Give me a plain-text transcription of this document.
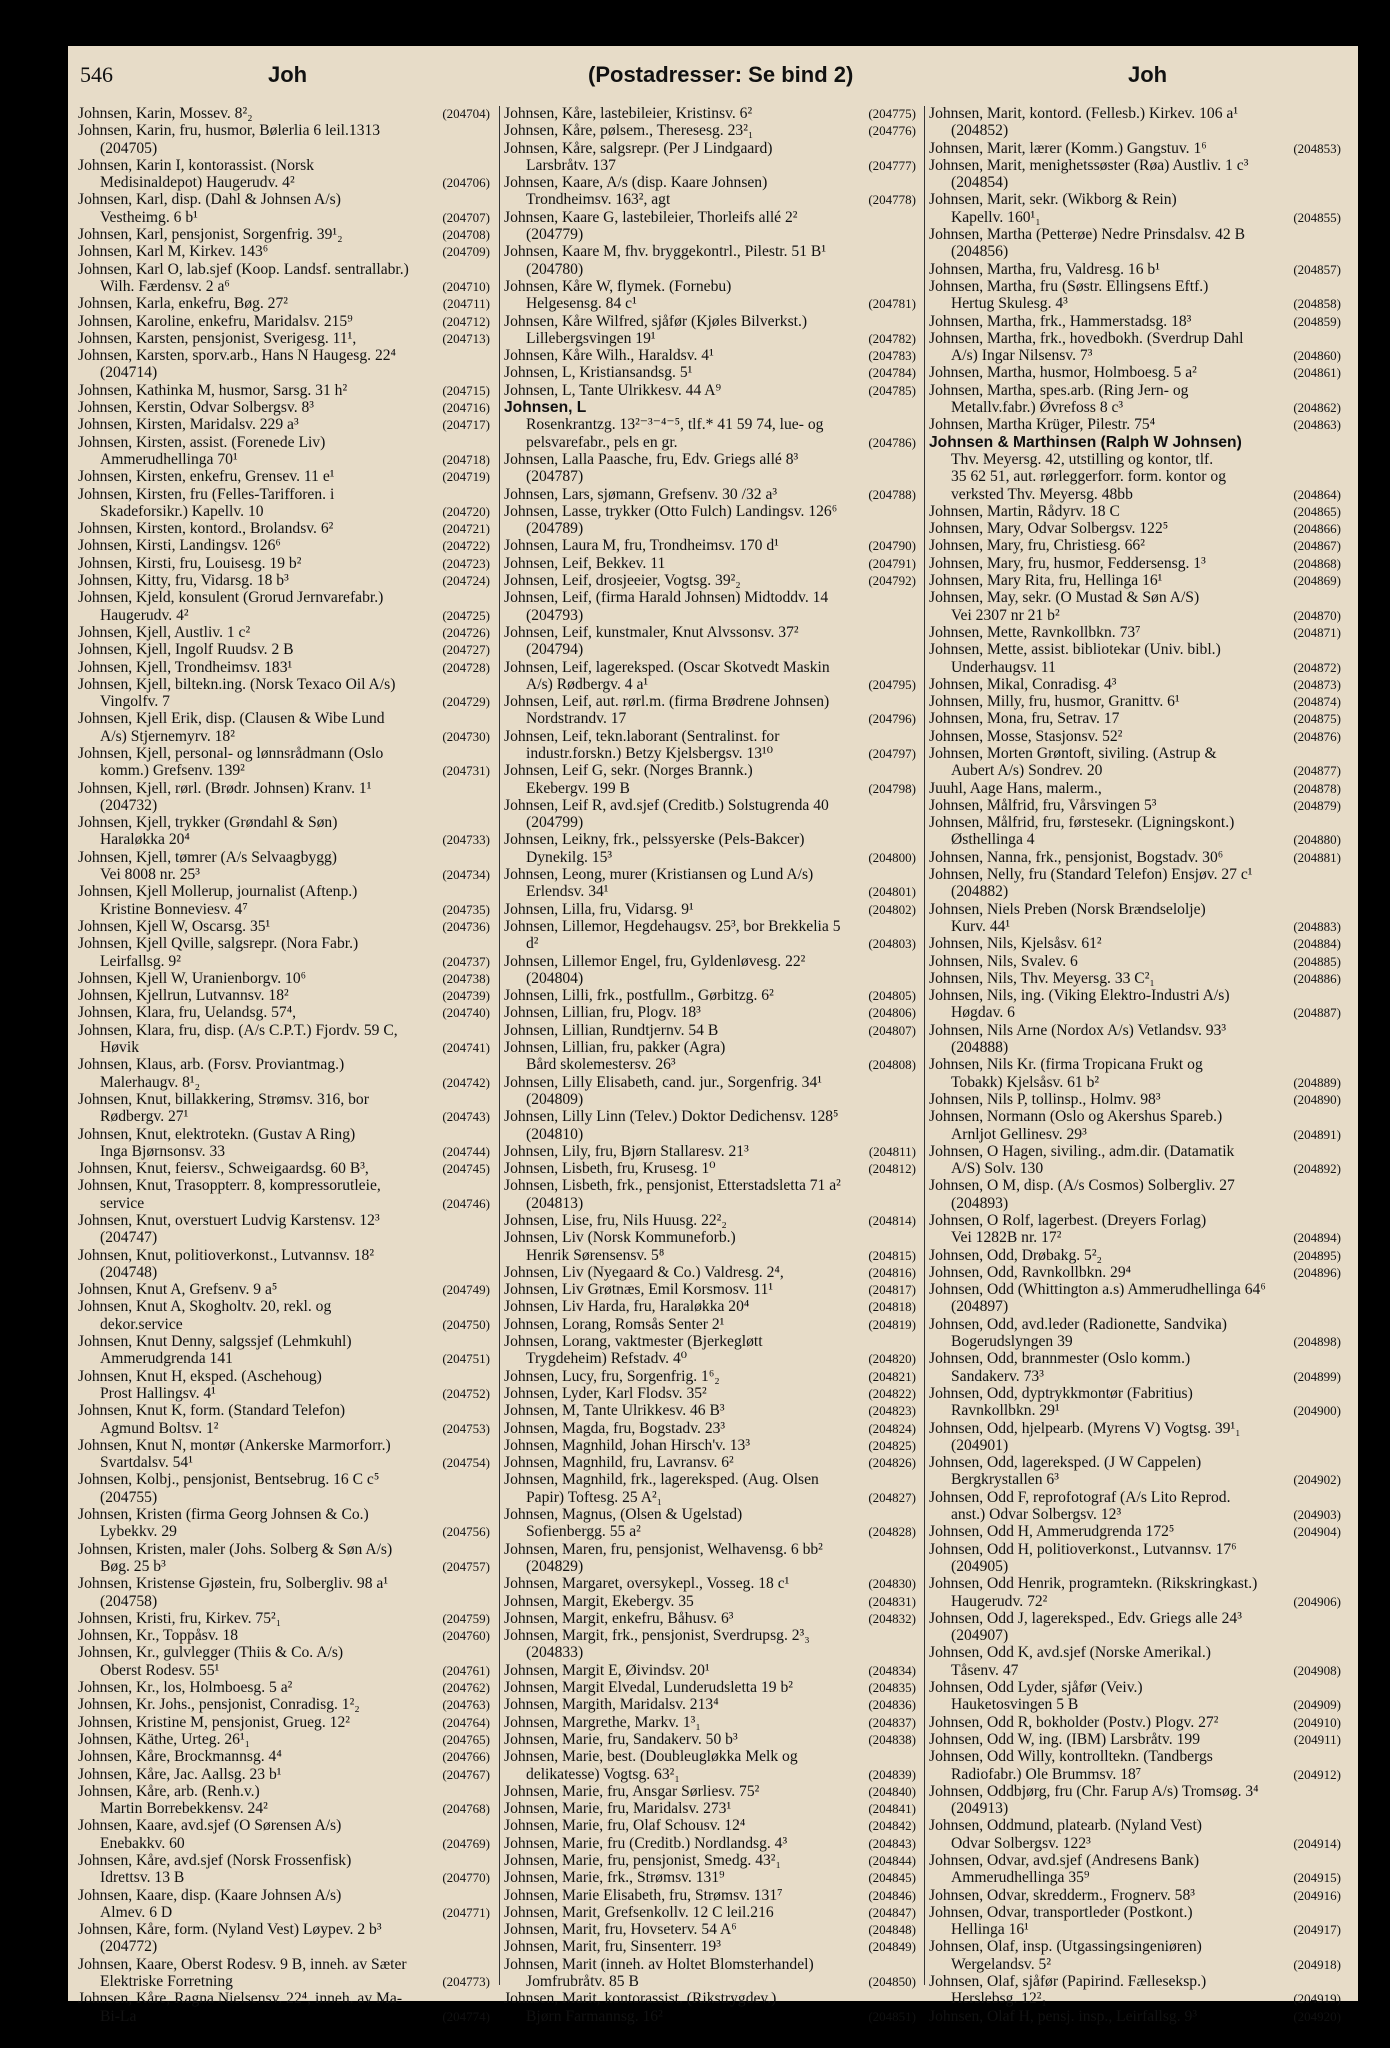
546	Joh	(Postadresser: Se bind 2)	Joh
Johnsen, Karin, Mossev. 8²₂	(204704)
Johnsen, Karin, fru, husmor, Bølerlia 6 leil.1313
(204705)
Johnsen, Karin I, kontorassist. (Norsk
Medisinaldepot) Haugerudv. 4²	(204706)
Johnsen, Karl, disp. (Dahl & Johnsen A/s)
Vestheimg. 6 b¹	(204707)
Johnsen, Karl, pensjonist, Sorgenfrig. 39¹₂	(204708)
Johnsen, Karl M, Kirkev. 143⁶	(204709)
Johnsen, Karl O, lab.sjef (Koop. Landsf. sentrallabr.)
Wilh. Færdensv. 2 a⁶	(204710)
Johnsen, Karla, enkefru, Bøg. 27²	(204711)
Johnsen, Karoline, enkefru, Maridalsv. 215⁹	(204712)
Johnsen, Karsten, pensjonist, Sverigesg. 11¹,	(204713)
Johnsen, Karsten, sporv.arb., Hans N Haugesg. 22⁴
(204714)
Johnsen, Kathinka M, husmor, Sarsg. 31 h²	(204715)
Johnsen, Kerstin, Odvar Solbergsv. 8³	(204716)
Johnsen, Kirsten, Maridalsv. 229 a³	(204717)
Johnsen, Kirsten, assist. (Forenede Liv)
Ammerudhellinga 70¹	(204718)
Johnsen, Kirsten, enkefru, Grensev. 11 e¹	(204719)
Johnsen, Kirsten, fru (Felles-Tarifforen. i
Skadeforsikr.) Kapellv. 10	(204720)
Johnsen, Kirsten, kontord., Brolandsv. 6²	(204721)
Johnsen, Kirsti, Landingsv. 126⁶	(204722)
Johnsen, Kirsti, fru, Louisesg. 19 b²	(204723)
Johnsen, Kitty, fru, Vidarsg. 18 b³	(204724)
Johnsen, Kjeld, konsulent (Grorud Jernvarefabr.)
Haugerudv. 4²	(204725)
Johnsen, Kjell, Austliv. 1 c²	(204726)
Johnsen, Kjell, Ingolf Ruudsv. 2 B	(204727)
Johnsen, Kjell, Trondheimsv. 183¹	(204728)
Johnsen, Kjell, biltekn.ing. (Norsk Texaco Oil A/s)
Vingolfv. 7	(204729)
Johnsen, Kjell Erik, disp. (Clausen & Wibe Lund
A/s) Stjernemyrv. 18²	(204730)
Johnsen, Kjell, personal- og lønnsrådmann (Oslo
komm.) Grefsenv. 139²	(204731)
Johnsen, Kjell, rørl. (Brødr. Johnsen) Kranv. 1¹
(204732)
Johnsen, Kjell, trykker (Grøndahl & Søn)
Haraløkka 20⁴	(204733)
Johnsen, Kjell, tømrer (A/s Selvaagbygg)
Vei 8008 nr. 25³	(204734)
Johnsen, Kjell Mollerup, journalist (Aftenp.)
Kristine Bonneviesv. 4⁷	(204735)
Johnsen, Kjell W, Oscarsg. 35¹	(204736)
Johnsen, Kjell Qville, salgsrepr. (Nora Fabr.)
Leirfallsg. 9²	(204737)
Johnsen, Kjell W, Uranienborgv. 10⁶	(204738)
Johnsen, Kjellrun, Lutvannsv. 18²	(204739)
Johnsen, Klara, fru, Uelandsg. 57⁴,	(204740)
Johnsen, Klara, fru, disp. (A/s C.P.T.) Fjordv. 59 C,
Høvik	(204741)
Johnsen, Klaus, arb. (Forsv. Proviantmag.)
Malerhaugv. 8¹₂	(204742)
Johnsen, Knut, billakkering, Strømsv. 316, bor
Rødbergv. 27¹	(204743)
Johnsen, Knut, elektrotekn. (Gustav A Ring)
Inga Bjørnsonsv. 33	(204744)
Johnsen, Knut, feiersv., Schweigaardsg. 60 B³,	(204745)
Johnsen, Knut, Trasoppterr. 8, kompressorutleie,
service	(204746)
Johnsen, Knut, overstuert Ludvig Karstensv. 12³
(204747)
Johnsen, Knut, politioverkonst., Lutvannsv. 18²
(204748)
Johnsen, Knut A, Grefsenv. 9 a⁵	(204749)
Johnsen, Knut A, Skogholtv. 20, rekl. og
dekor.service	(204750)
Johnsen, Knut Denny, salgssjef (Lehmkuhl)
Ammerudgrenda 141	(204751)
Johnsen, Knut H, eksped. (Aschehoug)
Prost Hallingsv. 4¹	(204752)
Johnsen, Knut K, form. (Standard Telefon)
Agmund Boltsv. 1²	(204753)
Johnsen, Knut N, montør (Ankerske Marmorforr.)
Svartdalsv. 54¹	(204754)
Johnsen, Kolbj., pensjonist, Bentsebrug. 16 C c⁵
(204755)
Johnsen, Kristen (firma Georg Johnsen & Co.)
Lybekkv. 29	(204756)
Johnsen, Kristen, maler (Johs. Solberg & Søn A/s)
Bøg. 25 b³	(204757)
Johnsen, Kristense Gjøstein, fru, Solbergliv. 98 a¹
(204758)
Johnsen, Kristi, fru, Kirkev. 75²₁	(204759)
Johnsen, Kr., Toppåsv. 18	(204760)
Johnsen, Kr., gulvlegger (Thiis & Co. A/s)
Oberst Rodesv. 55¹	(204761)
Johnsen, Kr., los, Holmboesg. 5 a²	(204762)
Johnsen, Kr. Johs., pensjonist, Conradisg. 1²₂	(204763)
Johnsen, Kristine M, pensjonist, Grueg. 12²	(204764)
Johnsen, Käthe, Urteg. 26¹₁	(204765)
Johnsen, Kåre, Brockmannsg. 4⁴	(204766)
Johnsen, Kåre, Jac. Aallsg. 23 b¹	(204767)
Johnsen, Kåre, arb. (Renh.v.)
Martin Borrebekkensv. 24²	(204768)
Johnsen, Kaare, avd.sjef (O Sørensen A/s)
Enebakkv. 60	(204769)
Johnsen, Kåre, avd.sjef (Norsk Frossenfisk)
Idrettsv. 13 B	(204770)
Johnsen, Kaare, disp. (Kaare Johnsen A/s)
Almev. 6 D	(204771)
Johnsen, Kåre, form. (Nyland Vest) Løypev. 2 b³
(204772)
Johnsen, Kaare, Oberst Rodesv. 9 B, inneh. av Sæter
Elektriske Forretning	(204773)
Johnsen, Kåre, Ragna Nielsensv. 22⁴, inneh. av Ma-
Bi-La	(204774)
Johnsen, Kåre, lastebileier, Kristinsv. 6²	(204775)
Johnsen, Kåre, pølsem., Theresesg. 23²₁	(204776)
Johnsen, Kåre, salgsrepr. (Per J Lindgaard)
Larsbråtv. 137	(204777)
Johnsen, Kaare, A/s (disp. Kaare Johnsen)
Trondheimsv. 163², agt	(204778)
Johnsen, Kaare G, lastebileier, Thorleifs allé 2²
(204779)
Johnsen, Kaare M, fhv. bryggekontrl., Pilestr. 51 B¹
(204780)
Johnsen, Kåre W, flymek. (Fornebu)
Helgesensg. 84 c¹	(204781)
Johnsen, Kåre Wilfred, sjåfør (Kjøles Bilverkst.)
Lillebergsvingen 19¹	(204782)
Johnsen, Kåre Wilh., Haraldsv. 4¹	(204783)
Johnsen, L, Kristiansandsg. 5¹	(204784)
Johnsen, L, Tante Ulrikkesv. 44 A⁹	(204785)
Johnsen, L
Rosenkrantzg. 13²⁻³⁻⁴⁻⁵, tlf.* 41 59 74, lue- og
pelsvarefabr., pels en gr.	(204786)
Johnsen, Lalla Paasche, fru, Edv. Griegs allé 8³
(204787)
Johnsen, Lars, sjømann, Grefsenv. 30 /32 a³	(204788)
Johnsen, Lasse, trykker (Otto Fulch) Landingsv. 126⁶
(204789)
Johnsen, Laura M, fru, Trondheimsv. 170 d¹	(204790)
Johnsen, Leif, Bekkev. 11	(204791)
Johnsen, Leif, drosjeeier, Vogtsg. 39²₂	(204792)
Johnsen, Leif, (firma Harald Johnsen) Midtoddv. 14
(204793)
Johnsen, Leif, kunstmaler, Knut Alvssonsv. 37²
(204794)
Johnsen, Leif, lagereksped. (Oscar Skotvedt Maskin
A/s) Rødbergv. 4 a¹	(204795)
Johnsen, Leif, aut. rørl.m. (firma Brødrene Johnsen)
Nordstrandv. 17	(204796)
Johnsen, Leif, tekn.laborant (Sentralinst. for
industr.forskn.) Betzy Kjelsbergsv. 13¹⁰	(204797)
Johnsen, Leif G, sekr. (Norges Brannk.)
Ekebergv. 199 B	(204798)
Johnsen, Leif R, avd.sjef (Creditb.) Solstugrenda 40
(204799)
Johnsen, Leikny, frk., pelssyerske (Pels-Bakcer)
Dynekilg. 15³	(204800)
Johnsen, Leong, murer (Kristiansen og Lund A/s)
Erlendsv. 34¹	(204801)
Johnsen, Lilla, fru, Vidarsg. 9¹	(204802)
Johnsen, Lillemor, Hegdehaugsv. 25³, bor Brekkelia 5
d²	(204803)
Johnsen, Lillemor Engel, fru, Gyldenløvesg. 22²
(204804)
Johnsen, Lilli, frk., postfullm., Gørbitzg. 6²	(204805)
Johnsen, Lillian, fru, Plogv. 18³	(204806)
Johnsen, Lillian, Rundtjernv. 54 B	(204807)
Johnsen, Lillian, fru, pakker (Agra)
Bård skolemestersv. 26³	(204808)
Johnsen, Lilly Elisabeth, cand. jur., Sorgenfrig. 34¹
(204809)
Johnsen, Lilly Linn (Telev.) Doktor Dedichensv. 128⁵
(204810)
Johnsen, Lily, fru, Bjørn Stallaresv. 21³	(204811)
Johnsen, Lisbeth, fru, Krusesg. 1⁰	(204812)
Johnsen, Lisbeth, frk., pensjonist, Etterstadsletta 71 a²
(204813)
Johnsen, Lise, fru, Nils Huusg. 22²₂	(204814)
Johnsen, Liv (Norsk Kommuneforb.)
Henrik Sørensensv. 5⁸	(204815)
Johnsen, Liv (Nyegaard & Co.) Valdresg. 2⁴,	(204816)
Johnsen, Liv Grøtnæs, Emil Korsmosv. 11¹	(204817)
Johnsen, Liv Harda, fru, Haraløkka 20⁴	(204818)
Johnsen, Lorang, Romsås Senter 2¹	(204819)
Johnsen, Lorang, vaktmester (Bjerkegløtt
Trygdeheim) Refstadv. 4⁰	(204820)
Johnsen, Lucy, fru, Sorgenfrig. 1⁶₂	(204821)
Johnsen, Lyder, Karl Flodsv. 35²	(204822)
Johnsen, M, Tante Ulrikkesv. 46 B³	(204823)
Johnsen, Magda, fru, Bogstadv. 23³	(204824)
Johnsen, Magnhild, Johan Hirsch'v. 13³	(204825)
Johnsen, Magnhild, fru, Lavransv. 6²	(204826)
Johnsen, Magnhild, frk., lagereksped. (Aug. Olsen
Papir) Toftesg. 25 A²₁	(204827)
Johnsen, Magnus, (Olsen & Ugelstad)
Sofienbergg. 55 a²	(204828)
Johnsen, Maren, fru, pensjonist, Welhavensg. 6 bb²
(204829)
Johnsen, Margaret, oversykepl., Vosseg. 18 c¹	(204830)
Johnsen, Margit, Ekebergv. 35	(204831)
Johnsen, Margit, enkefru, Båhusv. 6³	(204832)
Johnsen, Margit, frk., pensjonist, Sverdrupsg. 2³₃
(204833)
Johnsen, Margit E, Øivindsv. 20¹	(204834)
Johnsen, Margit Elvedal, Lunderudsletta 19 b²	(204835)
Johnsen, Margith, Maridalsv. 213⁴	(204836)
Johnsen, Margrethe, Markv. 1³₁	(204837)
Johnsen, Marie, fru, Sandakerv. 50 b³	(204838)
Johnsen, Marie, best. (Doubleugløkka Melk og
delikatesse) Vogtsg. 63²₁	(204839)
Johnsen, Marie, fru, Ansgar Sørliesv. 75²	(204840)
Johnsen, Marie, fru, Maridalsv. 273¹	(204841)
Johnsen, Marie, fru, Olaf Schousv. 12⁴	(204842)
Johnsen, Marie, fru (Creditb.) Nordlandsg. 4³	(204843)
Johnsen, Marie, fru, pensjonist, Smedg. 43²₁	(204844)
Johnsen, Marie, frk., Strømsv. 131⁹	(204845)
Johnsen, Marie Elisabeth, fru, Strømsv. 131⁷	(204846)
Johnsen, Marit, Grefsenkollv. 12 C leil.216	(204847)
Johnsen, Marit, fru, Hovseterv. 54 A⁶	(204848)
Johnsen, Marit, fru, Sinsenterr. 19³	(204849)
Johnsen, Marit (inneh. av Holtet Blomsterhandel)
Jomfrubråtv. 85 B	(204850)
Johnsen, Marit, kontorassist. (Rikstrygdev.)
Bjørn Farmannsg. 16²	(204851)
Johnsen, Marit, kontord. (Fellesb.) Kirkev. 106 a¹
(204852)
Johnsen, Marit, lærer (Komm.) Gangstuv. 1⁶	(204853)
Johnsen, Marit, menighetssøster (Røa) Austliv. 1 c³
(204854)
Johnsen, Marit, sekr. (Wikborg & Rein)
Kapellv. 160¹₁	(204855)
Johnsen, Martha (Petterøe) Nedre Prinsdalsv. 42 B
(204856)
Johnsen, Martha, fru, Valdresg. 16 b¹	(204857)
Johnsen, Martha, fru (Søstr. Ellingsens Eftf.)
Hertug Skulesg. 4³	(204858)
Johnsen, Martha, frk., Hammerstadsg. 18³	(204859)
Johnsen, Martha, frk., hovedbokh. (Sverdrup Dahl
A/s) Ingar Nilsensv. 7³	(204860)
Johnsen, Martha, husmor, Holmboesg. 5 a²	(204861)
Johnsen, Martha, spes.arb. (Ring Jern- og
Metallv.fabr.) Øvrefoss 8 c³	(204862)
Johnsen, Martha Krüger, Pilestr. 75⁴	(204863)
Johnsen & Marthinsen (Ralph W Johnsen)
Thv. Meyersg. 42, utstilling og kontor, tlf.
35 62 51, aut. rørleggerforr. form. kontor og
verksted Thv. Meyersg. 48bb	(204864)
Johnsen, Martin, Rådyrv. 18 C	(204865)
Johnsen, Mary, Odvar Solbergsv. 122⁵	(204866)
Johnsen, Mary, fru, Christiesg. 66²	(204867)
Johnsen, Mary, fru, husmor, Feddersensg. 1³	(204868)
Johnsen, Mary Rita, fru, Hellinga 16¹	(204869)
Johnsen, May, sekr. (O Mustad & Søn A/S)
Vei 2307 nr 21 b²	(204870)
Johnsen, Mette, Ravnkollbkn. 73⁷	(204871)
Johnsen, Mette, assist. bibliotekar (Univ. bibl.)
Underhaugsv. 11	(204872)
Johnsen, Mikal, Conradisg. 4³	(204873)
Johnsen, Milly, fru, husmor, Granittv. 6¹	(204874)
Johnsen, Mona, fru, Setrav. 17	(204875)
Johnsen, Mosse, Stasjonsv. 52²	(204876)
Johnsen, Morten Grøntoft, siviling. (Astrup &
Aubert A/s) Sondrev. 20	(204877)
Juuhl, Aage Hans, malerm.,	(204878)
Johnsen, Målfrid, fru, Vårsvingen 5³	(204879)
Johnsen, Målfrid, fru, førstesekr. (Ligningskont.)
Østhellinga 4	(204880)
Johnsen, Nanna, frk., pensjonist, Bogstadv. 30⁶	(204881)
Johnsen, Nelly, fru (Standard Telefon) Ensjøv. 27 c¹
(204882)
Johnsen, Niels Preben (Norsk Brændselolje)
Kurv. 44¹	(204883)
Johnsen, Nils, Kjelsåsv. 61²	(204884)
Johnsen, Nils, Svalev. 6	(204885)
Johnsen, Nils, Thv. Meyersg. 33 C²₁	(204886)
Johnsen, Nils, ing. (Viking Elektro-Industri A/s)
Høgdav. 6	(204887)
Johnsen, Nils Arne (Nordox A/s) Vetlandsv. 93³
(204888)
Johnsen, Nils Kr. (firma Tropicana Frukt og
Tobakk) Kjelsåsv. 61 b²	(204889)
Johnsen, Nils P, tollinsp., Holmv. 98³	(204890)
Johnsen, Normann (Oslo og Akershus Spareb.)
Arnljot Gellinesv. 29³	(204891)
Johnsen, O Hagen, siviling., adm.dir. (Datamatik
A/S) Solv. 130	(204892)
Johnsen, O M, disp. (A/s Cosmos) Solbergliv. 27
(204893)
Johnsen, O Rolf, lagerbest. (Dreyers Forlag)
Vei 1282B nr. 17²	(204894)
Johnsen, Odd, Drøbakg. 5²₂	(204895)
Johnsen, Odd, Ravnkollbkn. 29⁴	(204896)
Johnsen, Odd (Whittington a.s) Ammerudhellinga 64⁶
(204897)
Johnsen, Odd, avd.leder (Radionette, Sandvika)
Bogerudslyngen 39	(204898)
Johnsen, Odd, brannmester (Oslo komm.)
Sandakerv. 73³	(204899)
Johnsen, Odd, dyptrykkmontør (Fabritius)
Ravnkollbkn. 29¹	(204900)
Johnsen, Odd, hjelpearb. (Myrens V) Vogtsg. 39¹₁
(204901)
Johnsen, Odd, lagereksped. (J W Cappelen)
Bergkrystallen 6³	(204902)
Johnsen, Odd F, reprofotograf (A/s Lito Reprod.
anst.) Odvar Solbergsv. 12³	(204903)
Johnsen, Odd H, Ammerudgrenda 172⁵	(204904)
Johnsen, Odd H, politioverkonst., Lutvannsv. 17⁶
(204905)
Johnsen, Odd Henrik, programtekn. (Rikskringkast.)
Haugerudv. 72²	(204906)
Johnsen, Odd J, lagereksped., Edv. Griegs alle 24³
(204907)
Johnsen, Odd K, avd.sjef (Norske Amerikal.)
Tåsenv. 47	(204908)
Johnsen, Odd Lyder, sjåfør (Veiv.)
Hauketosvingen 5 B	(204909)
Johnsen, Odd R, bokholder (Postv.) Plogv. 27²	(204910)
Johnsen, Odd W, ing. (IBM) Larsbråtv. 199	(204911)
Johnsen, Odd Willy, kontrolltekn. (Tandbergs
Radiofabr.) Ole Brummsv. 18⁷	(204912)
Johnsen, Oddbjørg, fru (Chr. Farup A/s) Tromsøg. 3⁴
(204913)
Johnsen, Oddmund, platearb. (Nyland Vest)
Odvar Solbergsv. 122³	(204914)
Johnsen, Odvar, avd.sjef (Andresens Bank)
Ammerudhellinga 35⁹	(204915)
Johnsen, Odvar, skredderm., Frognerv. 58³	(204916)
Johnsen, Odvar, transportleder (Postkont.)
Hellinga 16¹	(204917)
Johnsen, Olaf, insp. (Utgassingsingeniøren)
Wergelandsv. 5²	(204918)
Johnsen, Olaf, sjåfør (Papirind. Fælleseksp.)
Herslebsg. 12²₁	(204919)
Johnsen, Olaf H, pensj. insp., Leirfallsg. 9³	(204920)
